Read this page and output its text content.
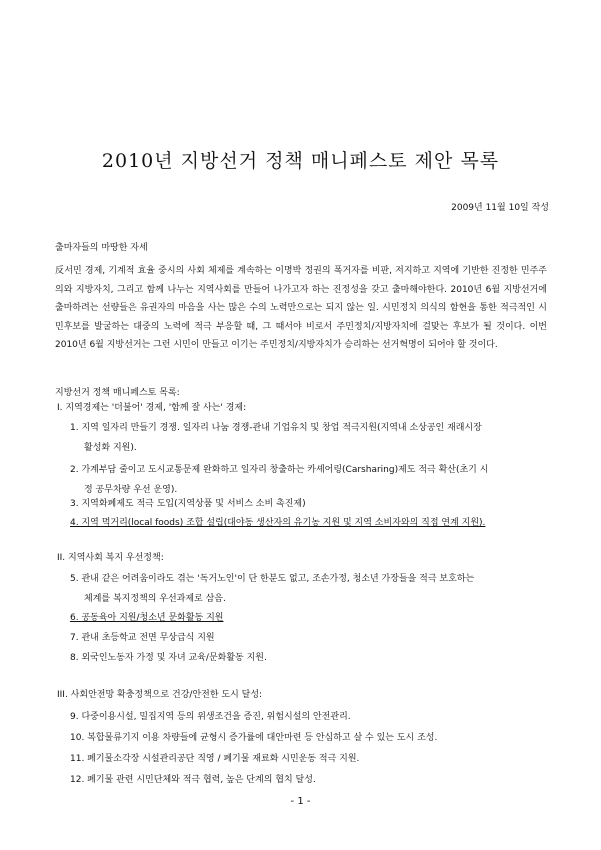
2010년 지방선거 정책 매니페스토 제안 목록
2009년 11월 10일 작성
출마자들의 마땅한 자세
反서민 경제, 기계적 효율 중시의 사회 체제를 계속하는 이명박 정권의 폭거자를 비판, 저지하고 지역에 기반한 진정한 민주주의와 지방자치, 그리고 함께 나누는 지역사회를 만들어 나가고자 하는 진정성을 갖고 출마해야한다. 2010년 6월 지방선거에 출마하려는 선량들은 유권자의 마음을 사는 많은 수의 노력만으로는 되지 않는 일. 시민정치 의식의 함현을 통한 적극적인 시민후보를 발굴하는 대중의 노력에 적극 부응할 때, 그 때서야 비로서 주민정치/지방자치에 걸맞는 후보가 될 것이다. 이번 2010년 6월 지방선거는 그런 시민이 만들고 이기는 주민정치/지방자치가 승리하는 선거혁명이 되어야 할 것이다.
지방선거 정책 매니페스토 목록:
I. 지역경제는 '더불어' 경제, '함께 잘 사는' 경제:
1. 지역 일자리 만들기 경쟁. 일자리 나눔 경쟁-관내 기업유치 및 창업 적극지원(지역내 소상공인 재래시장
활성화 지원).
2. 가계부담 줄이고 도시교통문제 완화하고 일자리 창출하는 카셰어링(Carsharing)제도 적극 확산(초기 시
정 공무차량 우선 운영).
3. 지역화폐제도 적극 도입(지역상품 및 서비스 소비 촉진제)
4. 지역 먹거리(local foods) 조합 설립(대야동 생산자의 유기농 지원 및 지역 소비자와의 직접 연계 지원).
II. 지역사회 복지 우선정책:
5. 관내 같은 어려움이라도 겪는 '독거노인'이 단 한분도 없고, 조손가정, 청소년 가장들을 적극 보호하는
체계를 복지정책의 우선과제로 삼음.
6. 공동육아 지원/청소년 문화활동 지원
7. 관내 초등학교 전면 무상급식 지원
8. 외국인노동자 가정 및 자녀 교육/문화활동 지원.
III. 사회안전망 확충정책으로 건강/안전한 도시 달성:
9. 다중이용시설, 밀집지역 등의 위생조건을 증진, 위험시설의 안전관리.
10. 복합물류기지 이용 차량들에 균형시 증가률에 대안마련 등 안심하고 살 수 있는 도시 조성.
11. 폐기물소각장 시설관리공단 직영 / 폐기물 재료화 시민운동 적극 지원.
12. 폐기물 관련 시민단체와 적극 협력, 높은 단계의 협치 달성.
- 1 -
